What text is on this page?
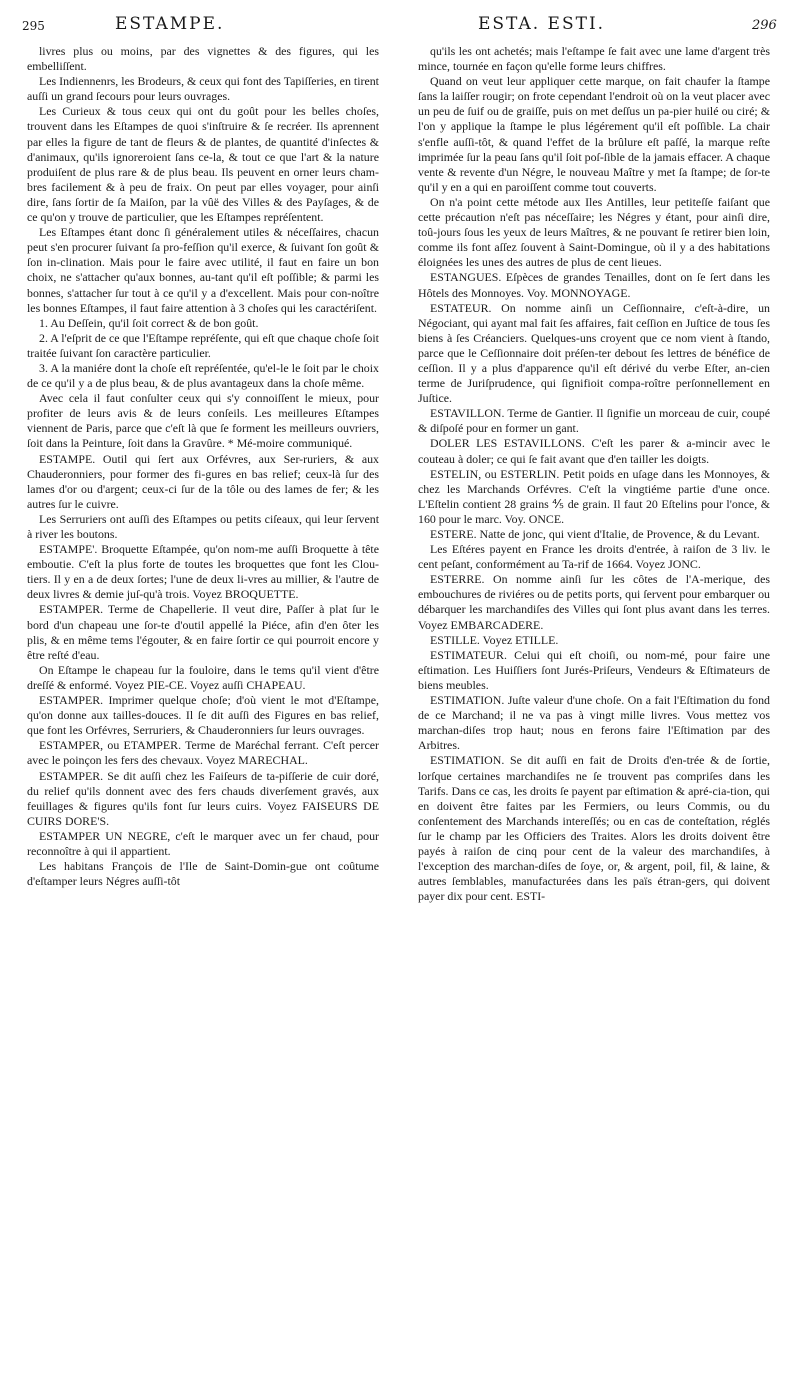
295	ESTAMPE.	ESTA. ESTI.	296

livres plus ou moins, par des vignettes & des figures, qui les embelliſſent.

Les Indiennenrs, les Brodeurs, & ceux qui font des Tapiſſeries, en tirent auſſi un grand ſecours pour leurs ouvrages.

Les Curieux & tous ceux qui ont du goût pour les belles choſes, trouvent dans les Eſtampes de quoi s'inſtruire & ſe recréer. Ils aprennent par elles la figure de tant de fleurs & de plantes, de quantité d'inſectes & d'animaux, qu'ils ignoreroient ſans ce-la, & tout ce que l'art & la nature produiſent de plus rare & de plus beau. Ils peuvent en orner leurs cham-bres facilement & à peu de fraix. On peut par elles voyager, pour ainſi dire, ſans ſortir de ſa Maiſon, par la vûë des Villes & des Payſages, & de ce qu'on y trouve de particulier, que les Eſtampes repréſentent.

Les Eſtampes étant donc ſi généralement utiles & néceſſaires, chacun peut s'en procurer ſuivant ſa pro-feſſion qu'il exerce, & ſuivant ſon goût & ſon in-clination. Mais pour le faire avec utilité, il faut en faire un bon choix, ne s'attacher qu'aux bonnes, au-tant qu'il eſt poſſible; & parmi les bonnes, s'attacher ſur tout à ce qu'il y a d'excellent. Mais pour con-noître les bonnes Eſtampes, il faut faire attention à 3 choſes qui les caractériſent.

1. Au Deſſein, qu'il ſoit correct & de bon goût.

2. A l'eſprit de ce que l'Eſtampe repréſente, qui eſt que chaque choſe ſoit traitée ſuivant ſon caractère particulier.

3. A la maniére dont la choſe eſt repréſentée, qu'el-le le ſoit par le choix de ce qu'il y a de plus beau, & de plus avantageux dans la choſe même.

Avec cela il faut conſulter ceux qui s'y connoiſſent le mieux, pour profiter de leurs avis & de leurs conſeils. Les meilleures Eſtampes viennent de Paris, parce que c'eſt là que ſe forment les meilleurs ouvriers, ſoit dans la Peinture, ſoit dans la Gravûre. * Mé-moire communiqué.

ESTAMPE. Outil qui ſert aux Orfévres, aux Ser-ruriers, & aux Chauderonniers, pour former des fi-gures en bas relief; ceux-là ſur des lames d'or ou d'argent; ceux-ci ſur de la tôle ou des lames de fer; & les autres ſur le cuivre.

Les Serruriers ont auſſi des Eſtampes ou petits ciſeaux, qui leur ſervent à river les boutons.

ESTAMPE'. Broquette Eſtampée, qu'on nom-me auſſi Broquette à tête emboutie. C'eſt la plus forte de toutes les broquettes que font les Clou-tiers. Il y en a de deux ſortes; l'une de deux li-vres au millier, & l'autre de deux livres & demie juſ-qu'à trois. Voyez BROQUETTE.

ESTAMPER. Terme de Chapellerie. Il veut dire, Paſſer à plat ſur le bord d'un chapeau une ſor-te d'outil appellé la Piéce, afin d'en ôter les plis, & en même tems l'égouter, & en faire ſortir ce qui pourroit encore y être reſté d'eau.

On Eſtampe le chapeau ſur la fouloire, dans le tems qu'il vient d'être dreſſé & enformé. Voyez PIE-CE. Voyez auſſi CHAPEAU.

ESTAMPER. Imprimer quelque choſe; d'où vient le mot d'Eſtampe, qu'on donne aux tailles-douces. Il ſe dit auſſi des Figures en bas relief, que font les Orfévres, Serruriers, & Chauderonniers ſur leurs ouvrages.

ESTAMPER, ou ETAMPER. Terme de Maréchal ferrant. C'eſt percer avec le poinçon les fers des chevaux. Voyez MARECHAL.

ESTAMPER. Se dit auſſi chez les Faiſeurs de ta-piſſerie de cuir doré, du relief qu'ils donnent avec des fers chauds diverſement gravés, aux feuillages & figures qu'ils font ſur leurs cuirs. Voyez FAISEURS DE CUIRS DORE'S.

ESTAMPER UN NEGRE, c'eſt le marquer avec un fer chaud, pour reconnoître à qui il appartient.

Les habitans François de l'Ile de Saint-Domin-gue ont coûtume d'eſtamper leurs Négres auſſi-tôt

qu'ils les ont achetés; mais l'eſtampe ſe fait avec une lame d'argent très mince, tournée en façon qu'elle forme leurs chiffres.

Quand on veut leur appliquer cette marque, on fait chaufer la ſtampe ſans la laiſſer rougir; on frote cependant l'endroit où on la veut placer avec un peu de ſuif ou de graiſſe, puis on met deſſus un pa-pier huilé ou ciré; & l'on y applique la ſtampe le plus légérement qu'il eſt poſſible. La chair s'enfle auſſi-tôt, & quand l'effet de la brûlure eſt paſſé, la marque reſte imprimée ſur la peau ſans qu'il ſoit poſ-ſible de la jamais effacer. A chaque vente & revente d'un Négre, le nouveau Maître y met ſa ſtampe; de ſor-te qu'il y en a qui en paroiſſent comme tout couverts.

On n'a point cette métode aux Iles Antilles, leur petiteſſe faiſant que cette précaution n'eſt pas néceſſaire; les Négres y étant, pour ainſi dire, toû-jours ſous les yeux de leurs Maîtres, & ne pouvant ſe retirer bien loin, comme ils font aſſez ſouvent à Saint-Domingue, où il y a des habitations éloignées les unes des autres de plus de cent lieues.

ESTANGUES. Eſpèces de grandes Tenailles, dont on ſe ſert dans les Hôtels des Monnoyes. Voy. MONNOYAGE.

ESTATEUR. On nomme ainſi un Ceſſionnaire, c'eſt-à-dire, un Négociant, qui ayant mal fait ſes affaires, fait ceſſion en Juſtice de tous ſes biens à ſes Créanciers. Quelques-uns croyent que ce nom vient à ſtando, parce que le Ceſſionnaire doit préſen-ter debout ſes lettres de bénéfice de ceſſion. Il y a plus d'apparence qu'il eſt dérivé du verbe Eſter, an-cien terme de Juriſprudence, qui ſignifioit compa-roître perſonnellement en Juſtice.

ESTAVILLON. Terme de Gantier. Il ſignifie un morceau de cuir, coupé & diſpoſé pour en former un gant.

DOLER LES ESTAVILLONS. C'eſt les parer & a-mincir avec le couteau à doler; ce qui ſe fait avant que d'en tailler les doigts.

ESTELIN, ou ESTERLIN. Petit poids en uſage dans les Monnoyes, & chez les Marchands Orfévres. C'eſt la vingtiéme partie d'une once. L'Eſtelin contient 28 grains ⅘ de grain. Il faut 20 Eſtelins pour l'once, & 160 pour le marc. Voy. ONCE.

ESTERE. Natte de jonc, qui vient d'Italie, de Provence, & du Levant.

Les Eſtéres payent en France les droits d'entrée, à raiſon de 3 liv. le cent peſant, conformément au Ta-rif de 1664. Voyez JONC.

ESTERRE. On nomme ainſi ſur les côtes de l'A-merique, des embouchures de riviéres ou de petits ports, qui ſervent pour embarquer ou débarquer les marchandiſes des Villes qui ſont plus avant dans les terres. Voyez EMBARCADERE.

ESTILLE. Voyez ETILLE.

ESTIMATEUR. Celui qui eſt choiſi, ou nom-mé, pour faire une eſtimation. Les Huiſſiers ſont Jurés-Priſeurs, Vendeurs & Eſtimateurs de biens meubles.

ESTIMATION. Juſte valeur d'une choſe. On a fait l'Eſtimation du fond de ce Marchand; il ne va pas à vingt mille livres. Vous mettez vos marchan-diſes trop haut; nous en ferons faire l'Eſtimation par des Arbitres.

ESTIMATION. Se dit auſſi en fait de Droits d'en-trée & de ſortie, lorſque certaines marchandiſes ne ſe trouvent pas compriſes dans les Tarifs. Dans ce cas, les droits ſe payent par eſtimation & apré-cia-tion, qui en doivent être faites par les Fermiers, ou leurs Commis, ou du conſentement des Marchands intereſſés; ou en cas de conteſtation, réglés ſur le champ par les Officiers des Traites. Alors les droits doivent être payés à raiſon de cinq pour cent de la valeur des marchandiſes, à l'exception des marchan-diſes de ſoye, or, & argent, poil, fil, & laine, & autres ſemblables, manufacturées dans les païs étran-gers, qui doivent payer dix pour cent. ESTI-
